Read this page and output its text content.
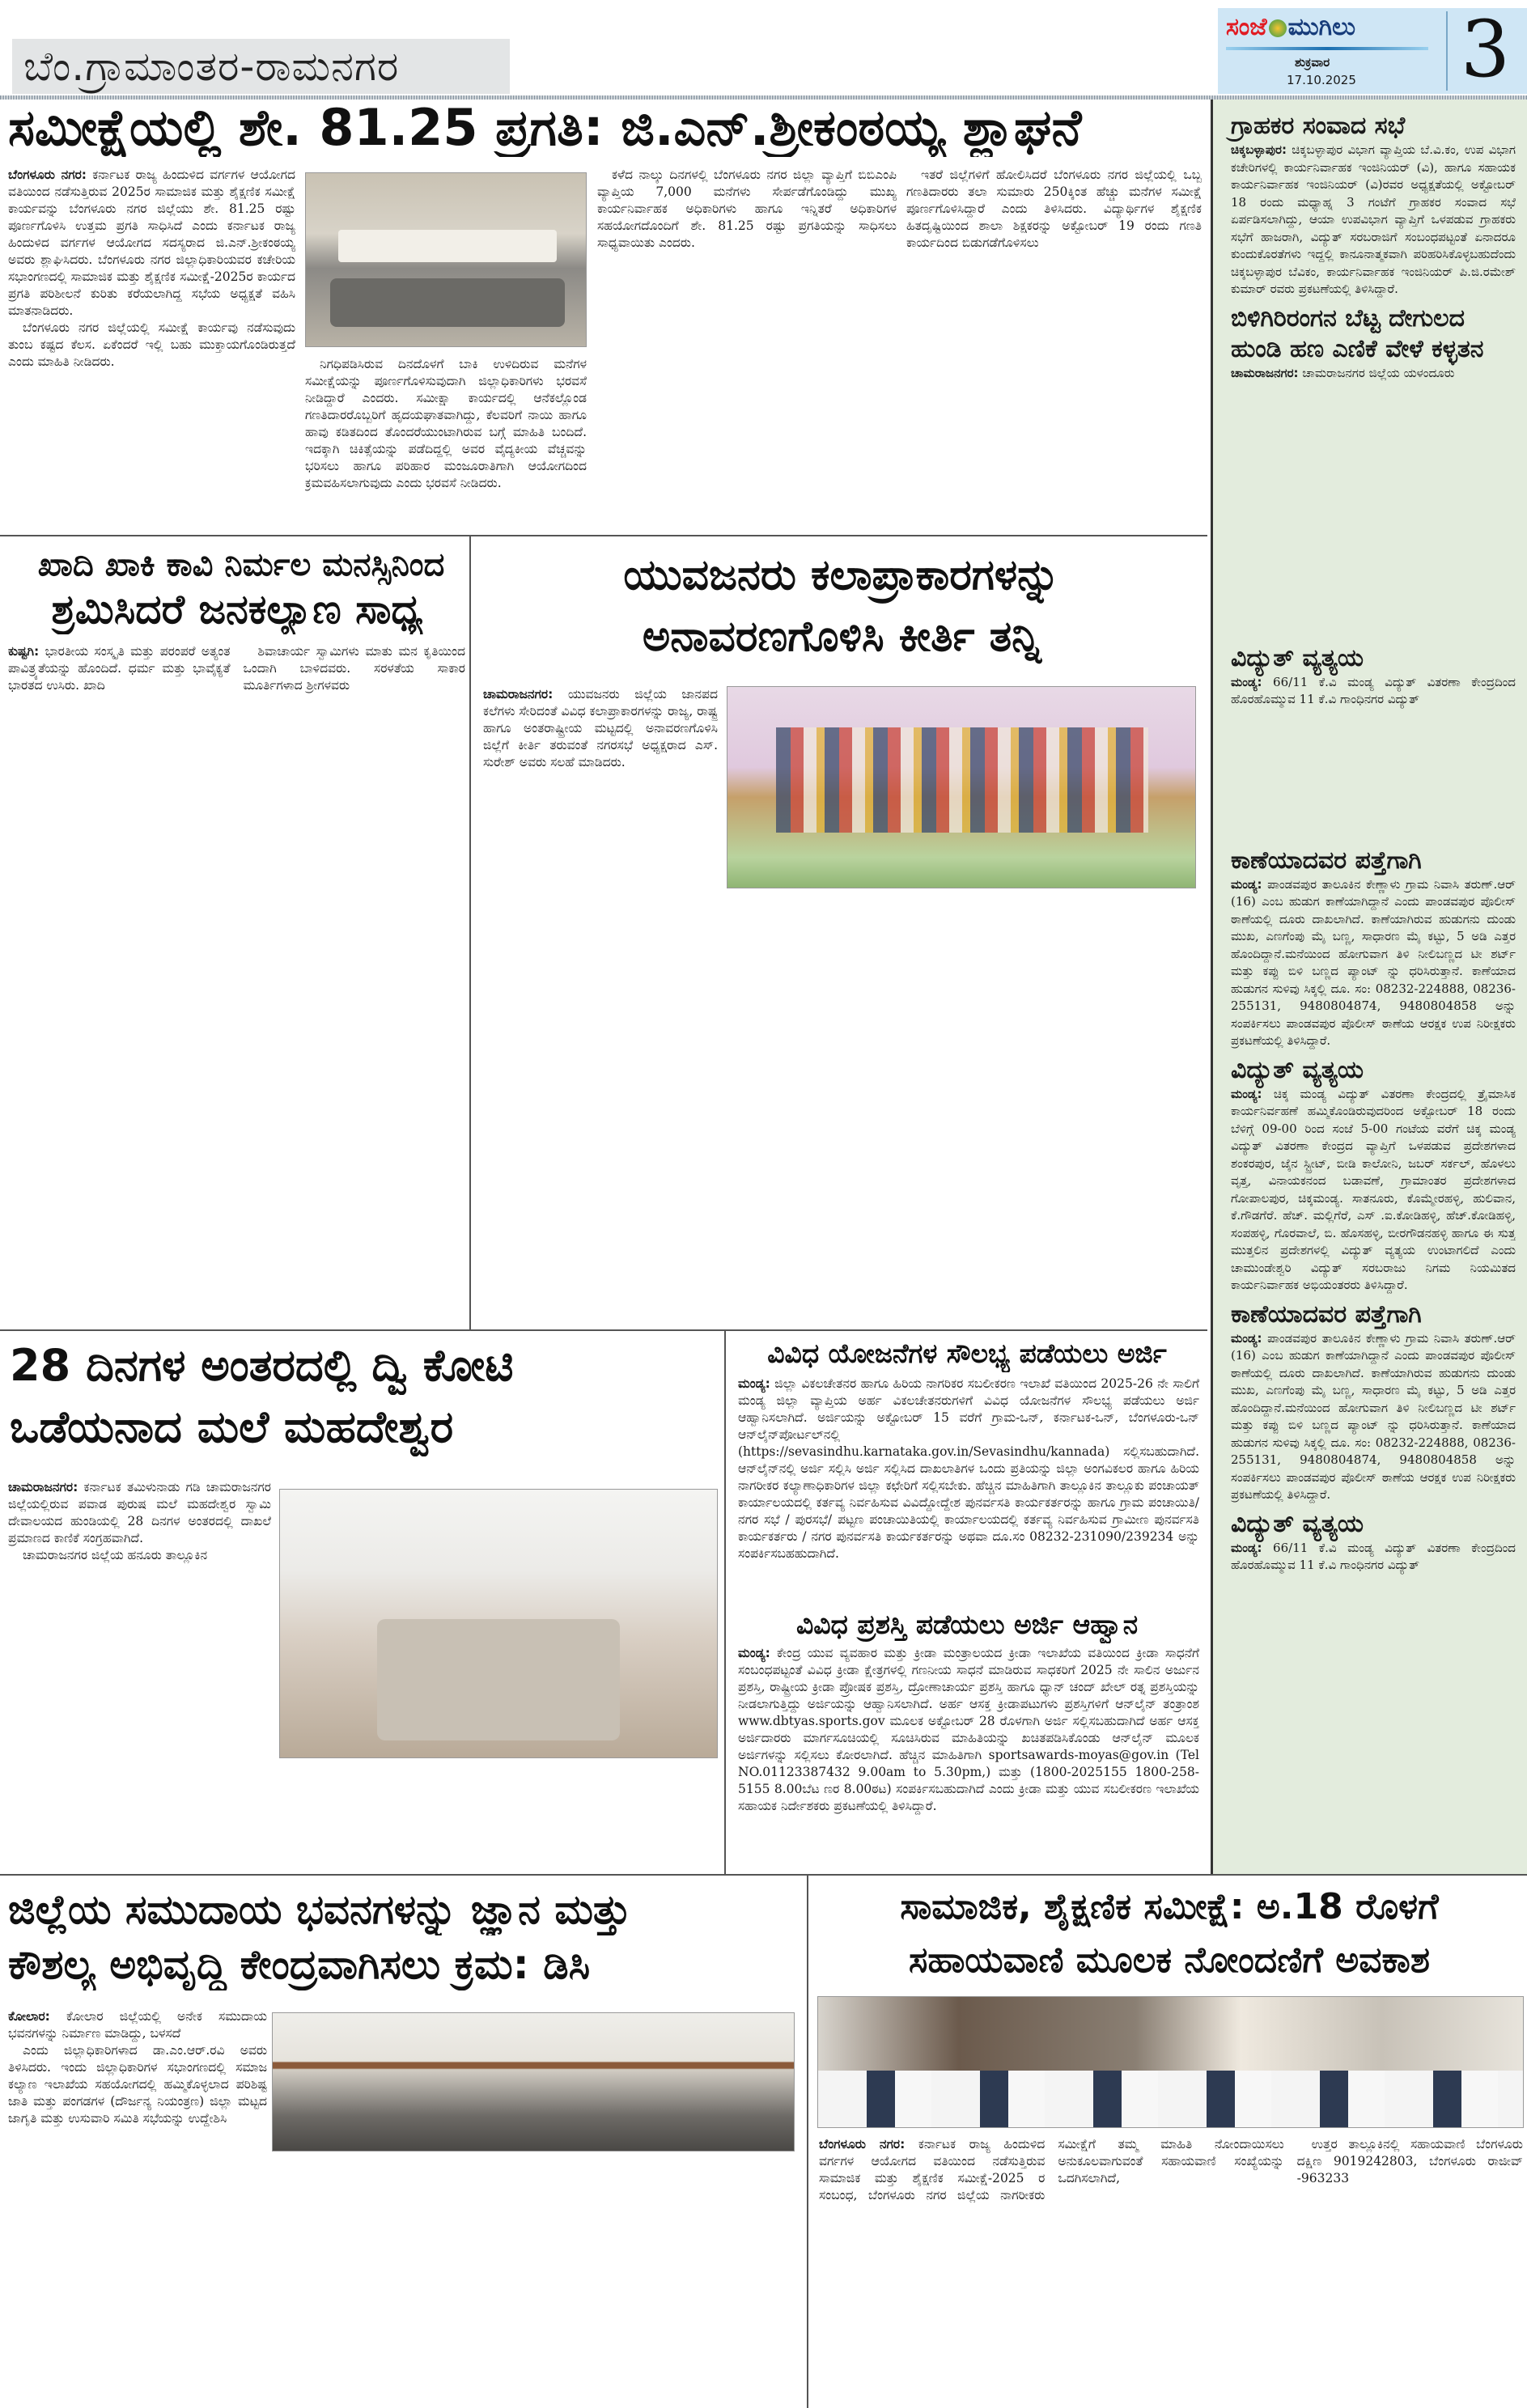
ಬೆಂ.ಗ್ರಾಮಾಂತರ-ರಾಮನಗರ
ಸಂಜೆ ಮುಗಿಲು
ಶುಕ್ರವಾರ
17.10.2025 3
ಸಮೀಕ್ಷೆಯಲ್ಲಿ ಶೇ. 81.25 ಪ್ರಗತಿ: ಜಿ.ಎನ್.ಶ್ರೀಕಂಠಯ್ಯ ಶ್ಲಾಘನೆ

ಬೆಂಗಳೂರು ನಗರ: ಕರ್ನಾಟಕ ರಾಜ್ಯ ಹಿಂದುಳಿದ ವರ್ಗಗಳ ಆಯೋಗದ ವತಿಯಿಂದ ನಡೆಸುತ್ತಿರುವ 2025ರ ಸಾಮಾಜಿಕ ಮತ್ತು ಶೈಕ್ಷಣಿಕ ಸಮೀಕ್ಷೆ ಕಾರ್ಯವನ್ನು ಬೆಂಗಳೂರು ನಗರ ಜಿಲ್ಲೆಯು ಶೇ. 81.25 ರಷ್ಟು ಪೂರ್ಣಗೊಳಿಸಿ ಉತ್ತಮ ಪ್ರಗತಿ ಸಾಧಿಸಿದೆ ಎಂದು ಕರ್ನಾಟಕ ರಾಜ್ಯ ಹಿಂದುಳಿದ ವರ್ಗಗಳ ಆಯೋಗದ ಸದಸ್ಯರಾದ ಜಿ.ಎನ್.ಶ್ರೀಕಂಠಯ್ಯ ಅವರು ಶ್ಲಾಘಿಸಿದರು. ಬೆಂಗಳೂರು ನಗರ ಜಿಲ್ಲಾಧಿಕಾರಿಯವರ ಕಚೇರಿಯ ಸಭಾಂಗಣದಲ್ಲಿ ಸಾಮಾಜಿಕ ಮತ್ತು ಶೈಕ್ಷಣಿಕ ಸಮೀಕ್ಷೆ-2025ರ ಕಾರ್ಯದ ಪ್ರಗತಿ ಪರಿಶೀಲನೆ ಕುರಿತು ಕರೆಯಲಾಗಿದ್ದ ಸಭೆಯ ಅಧ್ಯಕ್ಷತೆ ವಹಿಸಿ ಮಾತನಾಡಿದರು.

ಬೆಂಗಳೂರು ನಗರ ಜಿಲ್ಲೆಯಲ್ಲಿ ಸಮೀಕ್ಷೆ ಕಾರ್ಯವು ನಡೆಸುವುದು ತುಂಬ ಕಷ್ಟದ ಕೆಲಸ. ಏಕೆಂದರೆ ಇಲ್ಲಿ ಬಹು ಮುಕ್ತಾಯಗೊಂಡಿರುತ್ತದೆ ಎಂದು ಮಾಹಿತಿ ನೀಡಿದರು.	ನಿಗಧಿಪಡಿಸಿರುವ ದಿನದೊಳಗೆ ಬಾಕಿ ಉಳಿದಿರುವ ಮನೆಗಳ ಸಮೀಕ್ಷೆಯನ್ನು ಪೂರ್ಣಗೊಳಿಸುವುದಾಗಿ ಜಿಲ್ಲಾಧಿಕಾರಿಗಳು ಭರವಸೆ ನೀಡಿದ್ದಾರೆ ಎಂದರು. ಸಮೀಕ್ಷಾ ಕಾರ್ಯದಲ್ಲಿ ಆನೆಕಲ್ಲೊಂಡ ಗಣತಿದಾರರೊಬ್ಬರಿಗೆ ಹೃದಯಘಾತವಾಗಿದ್ದು, ಕೆಲವರಿಗೆ ನಾಯಿ ಹಾಗೂ ಹಾವು ಕಡಿತದಿಂದ ತೊಂದರೆಯುಂಟಾಗಿರುವ ಬಗ್ಗೆ ಮಾಹಿತಿ ಬಂದಿದೆ. ಇದಕ್ಕಾಗಿ ಚಿಕಿತ್ಸೆಯನ್ನು ಪಡೆದಿದ್ದಲ್ಲಿ ಅವರ ವೈದ್ಯಕೀಯ ವೆಚ್ಚವನ್ನು ಭರಿಸಲು ಹಾಗೂ ಪರಿಹಾರ ಮಂಜೂರಾತಿಗಾಗಿ ಆಯೋಗದಿಂದ ಕ್ರಮವಹಿಸಲಾಗುವುದು ಎಂದು ಭರವಸೆ ನೀಡಿದರು.

ಕಳೆದ ನಾಲ್ಕು ದಿನಗಳಲ್ಲಿ ಬೆಂಗಳೂರು ನಗರ ಜಿಲ್ಲಾ ವ್ಯಾಪ್ತಿಗೆ ಬಿಬಿಎಂಪಿ ವ್ಯಾಪ್ತಿಯ 7,000 ಮನೆಗಳು ಸೇರ್ಪಡೆಗೊಂಡಿದ್ದು ಮುಖ್ಯ ಕಾರ್ಯನಿರ್ವಾಹಕ ಅಧಿಕಾರಿಗಳು ಹಾಗೂ ಇನ್ನಿತರೆ ಅಧಿಕಾರಿಗಳ ಸಹಯೋಗದೊಂದಿಗೆ ಶೇ. 81.25 ರಷ್ಟು ಪ್ರಗತಿಯನ್ನು ಸಾಧಿಸಲು ಸಾಧ್ಯವಾಯಿತು ಎಂದರು.

ಇತರೆ ಜಿಲ್ಲೆಗಳಿಗೆ ಹೋಲಿಸಿದರೆ ಬೆಂಗಳೂರು ನಗರ ಜಿಲ್ಲೆಯಲ್ಲಿ ಒಬ್ಬ ಗಣತಿದಾರರು ತಲಾ ಸುಮಾರು 250ಕ್ಕಿಂತ ಹೆಚ್ಚು ಮನೆಗಳ ಸಮೀಕ್ಷೆ ಪೂರ್ಣಗೊಳಿಸಿದ್ದಾರೆ ಎಂದು ತಿಳಿಸಿದರು. ವಿದ್ಯಾರ್ಥಿಗಳ ಶೈಕ್ಷಣಿಕ ಹಿತದೃಷ್ಟಿಯಿಂದ ಶಾಲಾ ಶಿಕ್ಷಕರನ್ನು ಅಕ್ಟೋಬರ್ 19 ರಂದು ಗಣತಿ ಕಾರ್ಯದಿಂದ ಬಿಡುಗಡೆಗೊಳಿಸಲು

ಖಾದಿ ಖಾಕಿ ಕಾವಿ ನಿರ್ಮಲ ಮನಸ್ಸಿನಿಂದ
ಶ್ರಮಿಸಿದರೆ ಜನಕಲ್ಯಾಣ ಸಾಧ್ಯ

ಕುಷ್ಟಗಿ: ಭಾರತೀಯ ಸಂಸ್ಕೃತಿ ಮತ್ತು ಪರಂಪರೆ ಅತ್ಯಂತ ಪಾವಿತ್ರ್ಯತೆಯನ್ನು ಹೊಂದಿದೆ. ಧರ್ಮ ಮತ್ತು ಭಾವೈಕ್ಯತೆ ಭಾರತದ ಉಸಿರು. ಖಾದಿ

ಶಿವಾಚಾರ್ಯ ಸ್ವಾಮಿಗಳು ಮಾತು ಮನ ಕೃತಿಯಿಂದ ಒಂದಾಗಿ ಬಾಳಿದವರು. ಸರಳತೆಯ ಸಾಕಾರ ಮೂರ್ತಿಗಳಾದ ಶ್ರೀಗಳವರು

ಯುವಜನರು ಕಲಾಪ್ರಾಕಾರಗಳನ್ನು
ಅನಾವರಣಗೊಳಿಸಿ ಕೀರ್ತಿ ತನ್ನಿ

ಚಾಮರಾಜನಗರ: ಯುವಜನರು ಜಿಲ್ಲೆಯ ಜಾನಪದ ಕಲೆಗಳು ಸೇರಿದಂತೆ ವಿವಿಧ ಕಲಾಪ್ರಾಕಾರಗಳನ್ನು ರಾಜ್ಯ, ರಾಷ್ಟ್ರ ಹಾಗೂ ಅಂತರಾಷ್ಟ್ರೀಯ ಮಟ್ಟದಲ್ಲಿ ಅನಾವರಣಗೊಳಿಸಿ ಜಿಲ್ಲೆಗೆ ಕೀರ್ತಿ ತರುವಂತೆ ನಗರಸಭೆ ಅಧ್ಯಕ್ಷರಾದ ಎಸ್. ಸುರೇಶ್ ಅವರು ಸಲಹೆ ಮಾಡಿದರು.

28 ದಿನಗಳ ಅಂತರದಲ್ಲಿ ದ್ವಿ ಕೋಟಿ
ಒಡೆಯನಾದ ಮಲೆ ಮಹದೇಶ್ವರ

ಚಾಮರಾಜನಗರ: ಕರ್ನಾಟಕ ತಮಿಳುನಾಡು ಗಡಿ ಚಾಮರಾಜನಗರ ಜಿಲ್ಲೆಯಲ್ಲಿರುವ ಪವಾಡ ಪುರುಷ ಮಲೆ ಮಹದೇಶ್ವರ ಸ್ವಾಮಿ ದೇವಾಲಯದ ಹುಂಡಿಯಲ್ಲಿ 28 ದಿನಗಳ ಅಂತರದಲ್ಲಿ ದಾಖಲೆ ಪ್ರಮಾಣದ ಕಾಣಿಕೆ ಸಂಗ್ರಹವಾಗಿದೆ.

ಚಾಮರಾಜನಗರ ಜಿಲ್ಲೆಯ ಹನೂರು ತಾಲ್ಲೂಕಿನ

ವಿವಿಧ ಯೋಜನೆಗಳ ಸೌಲಭ್ಯ ಪಡೆಯಲು ಅರ್ಜಿ

ಮಂಡ್ಯ: ಜಿಲ್ಲಾ ವಿಕಲಚೇತನರ ಹಾಗೂ ಹಿರಿಯ ನಾಗರಿಕರ ಸಬಲೀಕರಣ ಇಲಾಖೆ ವತಿಯಿಂದ 2025-26 ನೇ ಸಾಲಿಗೆ ಮಂಡ್ಯ ಜಿಲ್ಲಾ ವ್ಯಾಪ್ತಿಯ ಅರ್ಹ ವಿಕಲಚೇತನರುಗಳಿಗೆ ವಿವಿಧ ಯೋಜನೆಗಳ ಸೌಲಭ್ಯ ಪಡೆಯಲು ಅರ್ಜಿ ಆಹ್ವಾನಿಸಲಾಗಿದೆ. ಅರ್ಜಿಯನ್ನು ಅಕ್ಟೋಬರ್ 15 ವರೆಗೆ ಗ್ರಾಮ-ಒನ್, ಕರ್ನಾಟಕ-ಒನ್, ಬೆಂಗಳೂರು-ಒನ್ ಆನ್‌ಲೈನ್‌ಪೋರ್ಟಲ್‌ನಲ್ಲಿ (https://sevasindhu.karnataka.gov.in/Sevasindhu/kannada) ಸಲ್ಲಿಸಬಹುದಾಗಿದೆ. ಆನ್‌ಲೈನ್‌ನಲ್ಲಿ ಅರ್ಜಿ ಸಲ್ಲಿಸಿ ಅರ್ಜಿ ಸಲ್ಲಿಸಿದ ದಾಖಲಾತಿಗಳ ಒಂದು ಪ್ರತಿಯನ್ನು ಜಿಲ್ಲಾ ಅಂಗವಿಕಲರ ಹಾಗೂ ಹಿರಿಯ ನಾಗರೀಕರ ಕಲ್ಯಾಣಾಧಿಕಾರಿಗಳ ಜಿಲ್ಲಾ ಕಛೇರಿಗೆ ಸಲ್ಲಿಸಬೇಕು. ಹೆಚ್ಚಿನ ಮಾಹಿತಿಗಾಗಿ ತಾಲ್ಲೂಕಿನ ತಾಲ್ಲೂಕು ಪಂಚಾಯತ್ ಕಾರ್ಯಾಲಯದಲ್ಲಿ ಕರ್ತವ್ಯ ನಿರ್ವಹಿಸುವ ವಿವಿದ್ದೋದ್ದೇಶ ಪುನರ್ವಸತಿ ಕಾರ್ಯಕರ್ತರನ್ನು ಹಾಗೂ ಗ್ರಾಮ ಪಂಚಾಯಿತಿ/ ನಗರ ಸಭೆ / ಪುರಸಭೆ/ ಪಟ್ಟಣ ಪಂಚಾಯಿತಿಯಲ್ಲಿ ಕಾರ್ಯಾಲಯದಲ್ಲಿ ಕರ್ತವ್ಯ ನಿರ್ವಹಿಸುವ ಗ್ರಾಮೀಣ ಪುನರ್ವಸತಿ ಕಾರ್ಯಕರ್ತರು / ನಗರ ಪುನರ್ವಸತಿ ಕಾರ್ಯಕರ್ತರನ್ನು ಅಥವಾ ದೂ.ಸಂ 08232-231090/239234 ಅನ್ನು ಸಂಪರ್ಕಿಸಬಹಹುದಾಗಿದೆ.

ವಿವಿಧ ಪ್ರಶಸ್ತಿ ಪಡೆಯಲು ಅರ್ಜಿ ಆಹ್ವಾನ

ಮಂಡ್ಯ: ಕೇಂದ್ರ ಯುವ ವ್ಯವಹಾರ ಮತ್ತು ಕ್ರೀಡಾ ಮಂತ್ರಾಲಯದ ಕ್ರೀಡಾ ಇಲಾಖೆಯ ವತಿಯಿಂದ ಕ್ರೀಡಾ ಸಾಧನೆಗೆ ಸಂಬಂಧಪಟ್ಟಂತೆ ವಿವಿಧ ಕ್ರೀಡಾ ಕ್ಷೇತ್ರಗಳಲ್ಲಿ ಗಣನೀಯ ಸಾಧನೆ ಮಾಡಿರುವ ಸಾಧಕರಿಗೆ 2025 ನೇ ಸಾಲಿನ ಅರ್ಜುನ ಪ್ರಶಸ್ತಿ, ರಾಷ್ಟ್ರೀಯ ಕ್ರೀಡಾ ಪ್ರೋಷಕ ಪ್ರಶಸ್ತಿ, ದ್ರೋಣಾಚಾರ್ಯ ಪ್ರಶಸ್ತಿ ಹಾಗೂ ಧ್ಯಾನ್ ಚಂದ್ ಖೇಲ್ ರತ್ನ ಪ್ರಶಸ್ತಿಯನ್ನು ನೀಡಲಾಗುತ್ತಿದ್ದು ಅರ್ಜಿಯನ್ನು ಆಹ್ವಾನಿಸಲಾಗಿದೆ. ಅರ್ಹ ಆಸಕ್ತ ಕ್ರೀಡಾಪಟುಗಳು ಪ್ರಶಸ್ತಿಗಳಿಗೆ ಆನ್‌ಲೈನ್ ತಂತ್ರಾಂಶ www.dbtyas.sports.gov ಮೂಲಕ ಅಕ್ಟೋಬರ್ 28 ರೊಳಗಾಗಿ ಅರ್ಜಿ ಸಲ್ಲಿಸಬಹುದಾಗಿದೆ ಅರ್ಹ ಆಸಕ್ತ ಅರ್ಜಿದಾರರು ಮಾರ್ಗಸೂಚಿಯಲ್ಲಿ ಸೂಚಿಸಿರುವ ಮಾಹಿತಿಯನ್ನು ಖಚಿತಪಡಿಸಿಕೊಂಡು ಆನ್‌ಲೈನ್ ಮೂಲಕ ಅರ್ಜಿಗಳನ್ನು ಸಲ್ಲಿಸಲು ಕೋರಲಾಗಿದೆ. ಹೆಚ್ಚಿನ ಮಾಹಿತಿಗಾಗಿ sportsawards-moyas@gov.in (Tel NO.01123387432 9.00am to 5.30pm,) ಮತ್ತು (1800-2025155 1800-258-5155 8.00ಬೆಟ ಣರ 8.00ಠಟ) ಸಂಪರ್ಕಿಸಬಹುದಾಗಿದೆ ಎಂದು ಕ್ರೀಡಾ ಮತ್ತು ಯುವ ಸಬಲೀಕರಣ ಇಲಾಖೆಯ ಸಹಾಯಕ ನಿರ್ದೇಶಕರು ಪ್ರಕಟಣೆಯಲ್ಲಿ ತಿಳಿಸಿದ್ದಾರೆ.

ಗ್ರಾಹಕರ ಸಂವಾದ ಸಭೆ
ಚಿಕ್ಕಬಳ್ಳಾಪುರ: ಚಿಕ್ಕಬಳ್ಳಾಪುರ ವಿಭಾಗ ವ್ಯಾಪ್ತಿಯ ಬೆ.ವಿ.ಕಂ, ಉಪ ವಿಭಾಗ ಕಚೇರಿಗಳಲ್ಲಿ ಕಾರ್ಯನಿರ್ವಾಹಕ ಇಂಜಿನಿಯರ್ (ವಿ), ಹಾಗೂ ಸಹಾಯಕ ಕಾರ್ಯನಿರ್ವಾಹಕ ಇಂಜಿನಿಯರ್ (ವಿ)ರವರ ಅಧ್ಯಕ್ಷತೆಯಲ್ಲಿ ಅಕ್ಟೋಬರ್ 18 ರಂದು ಮಧ್ಯಾಹ್ನ 3 ಗಂಟೆಗೆ ಗ್ರಾಹಕರ ಸಂವಾದ ಸಭೆ ಏರ್ಪಡಿಸಲಾಗಿದ್ದು, ಆಯಾ ಉಪವಿಭಾಗ ವ್ಯಾಪ್ತಿಗೆ ಒಳಪಡುವ ಗ್ರಾಹಕರು ಸಭೆಗೆ ಹಾಜರಾಗಿ, ವಿದ್ಯುತ್ ಸರಬರಾಜಿಗೆ ಸಂಬಂಧಪಟ್ಟಂತೆ ಏನಾದರೂ ಕುಂದುಕೊರತೆಗಳು ಇದ್ದಲ್ಲಿ ಕಾನೂನಾತ್ಮಕವಾಗಿ ಪರಿಹರಿಸಿಕೊಳ್ಳಬಹುದೆಂದು ಚಿಕ್ಕಬಳ್ಳಾಪುರ ಬೆವಿಕಂ, ಕಾರ್ಯನಿರ್ವಾಹಕ ಇಂಜಿನಿಯರ್ ಪಿ.ಜಿ.ರಮೇಶ್ ಕುಮಾರ್ ರವರು ಪ್ರಕಟಣೆಯಲ್ಲಿ ತಿಳಿಸಿದ್ದಾರೆ.
ಬಿಳಿಗಿರಿರಂಗನ ಬೆಟ್ಟ ದೇಗುಲದ ಹುಂಡಿ ಹಣ ಎಣಿಕೆ ವೇಳೆ ಕಳ್ಳತನ
ಚಾಮರಾಜನಗರ: ಚಾಮರಾಜನಗರ ಜಿಲ್ಲೆಯ ಯಳಂದೂರು
ವಿದ್ಯುತ್ ವ್ಯತ್ಯಯ
ಮಂಡ್ಯ: 66/11 ಕೆ.ವಿ ಮಂಡ್ಯ ವಿದ್ಯುತ್ ವಿತರಣಾ ಕೇಂದ್ರದಿಂದ ಹೊರಹೊಮ್ಮುವ 11 ಕೆ.ವಿ ಗಾಂಧಿನಗರ ವಿದ್ಯುತ್
ಕಾಣೆಯಾದವರ ಪತ್ತೆಗಾಗಿ
ಮಂಡ್ಯ: ಪಾಂಡವಪುರ ತಾಲೂಕಿನ ಕೇಣ್ಣಾಳು ಗ್ರಾಮ ನಿವಾಸಿ ತರುಣ್.ಆರ್ (16) ಎಂಬ ಹುಡುಗ ಕಾಣೆಯಾಗಿದ್ದಾನೆ ಎಂದು ಪಾಂಡವಪುರ ಪೊಲೀಸ್ ಠಾಣೆಯಲ್ಲಿ ದೂರು ದಾಖಲಾಗಿದೆ. ಕಾಣೆಯಾಗಿರುವ ಹುಡುಗನು ದುಂಡು ಮುಖ, ಎಣಗೆಂಪು ಮೈ ಬಣ್ಣ, ಸಾಧಾರಣ ಮೈ ಕಟ್ಟು, 5 ಅಡಿ ಎತ್ತರ ಹೊಂದಿದ್ದಾನೆ.ಮನೆಯಿಂದ ಹೋಗುವಾಗ ತಿಳಿ ನೀಲಿಬಣ್ಣದ ಟೀ ಶರ್ಟ್ ಮತ್ತು ಕಪ್ಪು ಬಿಳಿ ಬಣ್ಣದ ಪ್ಯಾಂಟ್ ನ್ನು ಧರಿಸಿರುತ್ತಾನೆ. ಕಾಣೆಯಾದ ಹುಡುಗನ ಸುಳಿವು ಸಿಕ್ಕಲ್ಲಿ ದೂ. ಸಂ: 08232-224888, 08236-255131, 9480804874, 9480804858 ಅನ್ನು ಸಂಪರ್ಕಿಸಲು ಪಾಂಡವಪುರ ಪೊಲೀಸ್ ಠಾಣೆಯ ಆರಕ್ಷಕ ಉಪ ನಿರೀಕ್ಷಕರು ಪ್ರಕಟಣೆಯಲ್ಲಿ ತಿಳಿಸಿದ್ದಾರೆ.
ವಿದ್ಯುತ್ ವ್ಯತ್ಯಯ
ಮಂಡ್ಯ: ಚಿಕ್ಕ ಮಂಡ್ಯ ವಿದ್ಯುತ್ ವಿತರಣಾ ಕೇಂದ್ರದಲ್ಲಿ ತ್ರೈಮಾಸಿಕ ಕಾರ್ಯನಿರ್ವಹಣೆ ಹಮ್ಮಿಕೊಂಡಿರುವುದರಿಂದ ಅಕ್ಟೋಬರ್ 18 ರಂದು ಬೆಳಿಗ್ಗೆ 09-00 ರಿಂದ ಸಂಜೆ 5-00 ಗಂಟೆಯ ವರೆಗೆ ಚಿಕ್ಕ ಮಂಡ್ಯ ವಿದ್ಯುತ್ ವಿತರಣಾ ಕೇಂದ್ರದ ವ್ಯಾಪ್ತಿಗೆ ಒಳಪಡುವ ಪ್ರದೇಶಗಳಾದ ಶಂಕರಪುರ, ಜೈನ ಸ್ಟ್ರೀಟ್, ಬೀಡಿ ಕಾಲೋನಿ, ಜಬರ್ ಸರ್ಕಲ್, ಹೊಳಲು ವೃತ್ತ, ವಿನಾಯಕನಂದ ಬಡಾವಣೆ, ಗ್ರಾಮಾಂತರ ಪ್ರದೇಶಗಳಾದ ಗೋಪಾಲಪುರ, ಚಿಕ್ಕಮಂಡ್ಯ. ಸಾತನೂರು, ಕೊಮ್ಮೇರಹಳ್ಳಿ, ಹುಲಿವಾನ, ಕೆ.ಗೌಡಗೆರೆ. ಹೆಚ್. ಮಲ್ಲಿಗೆರೆ, ಎಸ್ .ಐ.ಕೋಡಿಹಳ್ಳಿ, ಹೆಚ್.ಕೋಡಿಹಳ್ಳಿ, ಸಂಪಹಳ್ಳಿ, ಗೊರವಾಲೆ, ಬಿ. ಹೊಸಹಳ್ಳಿ, ಬೀರಗೌಡನಹಳ್ಳಿ ಹಾಗೂ ಈ ಸುತ್ತ ಮುತ್ತಲಿನ ಪ್ರದೇಶಗಳಲ್ಲಿ ವಿದ್ಯುತ್ ವ್ಯತ್ಯಯ ಉಂಟಾಗಲಿದೆ ಎಂದು ಚಾಮುಂಡೇಶ್ವರಿ ವಿದ್ಯುತ್ ಸರಬರಾಜು ನಿಗಮ ನಿಯಮಿತದ ಕಾರ್ಯನಿರ್ವಾಹಕ ಅಭಿಯಂತರರು ತಿಳಿಸಿದ್ದಾರೆ.
ಕಾಣೆಯಾದವರ ಪತ್ತೆಗಾಗಿ
ಮಂಡ್ಯ: ಪಾಂಡವಪುರ ತಾಲೂಕಿನ ಕೇಣ್ಣಾಳು ಗ್ರಾಮ ನಿವಾಸಿ ತರುಣ್.ಆರ್ (16) ಎಂಬ ಹುಡುಗ ಕಾಣೆಯಾಗಿದ್ದಾನೆ ಎಂದು ಪಾಂಡವಪುರ ಪೊಲೀಸ್ ಠಾಣೆಯಲ್ಲಿ ದೂರು ದಾಖಲಾಗಿದೆ. ಕಾಣೆಯಾಗಿರುವ ಹುಡುಗನು ದುಂಡು ಮುಖ, ಎಣಗೆಂಪು ಮೈ ಬಣ್ಣ, ಸಾಧಾರಣ ಮೈ ಕಟ್ಟು, 5 ಅಡಿ ಎತ್ತರ ಹೊಂದಿದ್ದಾನೆ.ಮನೆಯಿಂದ ಹೋಗುವಾಗ ತಿಳಿ ನೀಲಿಬಣ್ಣದ ಟೀ ಶರ್ಟ್ ಮತ್ತು ಕಪ್ಪು ಬಿಳಿ ಬಣ್ಣದ ಪ್ಯಾಂಟ್ ನ್ನು ಧರಿಸಿರುತ್ತಾನೆ. ಕಾಣೆಯಾದ ಹುಡುಗನ ಸುಳಿವು ಸಿಕ್ಕಲ್ಲಿ ದೂ. ಸಂ: 08232-224888, 08236-255131, 9480804874, 9480804858 ಅನ್ನು ಸಂಪರ್ಕಿಸಲು ಪಾಂಡವಪುರ ಪೊಲೀಸ್ ಠಾಣೆಯ ಆರಕ್ಷಕ ಉಪ ನಿರೀಕ್ಷಕರು ಪ್ರಕಟಣೆಯಲ್ಲಿ ತಿಳಿಸಿದ್ದಾರೆ.
ವಿದ್ಯುತ್ ವ್ಯತ್ಯಯ
ಮಂಡ್ಯ: 66/11 ಕೆ.ವಿ ಮಂಡ್ಯ ವಿದ್ಯುತ್ ವಿತರಣಾ ಕೇಂದ್ರದಿಂದ ಹೊರಹೊಮ್ಮುವ 11 ಕೆ.ವಿ ಗಾಂಧಿನಗರ ವಿದ್ಯುತ್
ಜಿಲ್ಲೆಯ ಸಮುದಾಯ ಭವನಗಳನ್ನು ಜ್ಞಾನ ಮತ್ತು
ಕೌಶಲ್ಯ ಅಭಿವೃದ್ಧಿ ಕೇಂದ್ರವಾಗಿಸಲು ಕ್ರಮ: ಡಿಸಿ

ಕೋಲಾರ: ಕೋಲಾರ ಜಿಲ್ಲೆಯಲ್ಲಿ ಅನೇಕ ಸಮುದಾಯ ಭವನಗಳನ್ನು ನಿರ್ಮಾಣ ಮಾಡಿದ್ದು, ಬಳಸದೆ

ಎಂದು ಜಿಲ್ಲಾಧಿಕಾರಿಗಳಾದ ಡಾ.ಎಂ.ಆರ್.ರವಿ ಅವರು ತಿಳಿಸಿದರು. ಇಂದು ಜಿಲ್ಲಾಧಿಕಾರಿಗಳ ಸಭಾಂಗಣದಲ್ಲಿ ಸಮಾಜ ಕಲ್ಯಾಣ ಇಲಾಖೆಯ ಸಹಯೋಗದಲ್ಲಿ ಹಮ್ಮಿಕೊಳ್ಳಲಾದ ಪರಿಶಿಷ್ಟ ಜಾತಿ ಮತ್ತು ಪಂಗಡಗಳ (ದೌರ್ಜನ್ಯ ನಿಯಂತ್ರಣ) ಜಿಲ್ಲಾ ಮಟ್ಟದ ಜಾಗೃತಿ ಮತ್ತು ಉಸುವಾರಿ ಸಮಿತಿ ಸಭೆಯನ್ನು ಉದ್ದೇಶಿಸಿ

ಸಾಮಾಜಿಕ, ಶೈಕ್ಷಣಿಕ ಸಮೀಕ್ಷೆ: ಅ.18 ರೊಳಗೆ
ಸಹಾಯವಾಣಿ ಮೂಲಕ ನೋಂದಣಿಗೆ ಅವಕಾಶ

ಬೆಂಗಳೂರು ನಗರ: ಕರ್ನಾಟಕ ರಾಜ್ಯ ಹಿಂದುಳಿದ ವರ್ಗಗಳ ಆಯೋಗದ ವತಿಯಿಂದ ನಡೆಸುತ್ತಿರುವ ಸಾಮಾಜಿಕ ಮತ್ತು ಶೈಕ್ಷಣಿಕ ಸಮೀಕ್ಷೆ-2025 ರ ಸಂಬಂಧ, ಬೆಂಗಳೂರು ನಗರ ಜಿಲ್ಲೆಯ ನಾಗರೀಕರು ಸಮೀಕ್ಷೆಗೆ ತಮ್ಮ ಮಾಹಿತಿ ನೋಂದಾಯಿಸಲು ಅನುಕೂಲವಾಗುವಂತೆ ಸಹಾಯವಾಣಿ ಸಂಖ್ಯೆಯನ್ನು ಒದಗಿಸಲಾಗಿದೆ,

ಉತ್ತರ ತಾಲ್ಲೂಕಿನಲ್ಲಿ ಸಹಾಯವಾಣಿ ಬೆಂಗಳೂರು ದಕ್ಷಿಣ 9019242803, ಬೆಂಗಳೂರು ರಾಜೀವ್ -963233
